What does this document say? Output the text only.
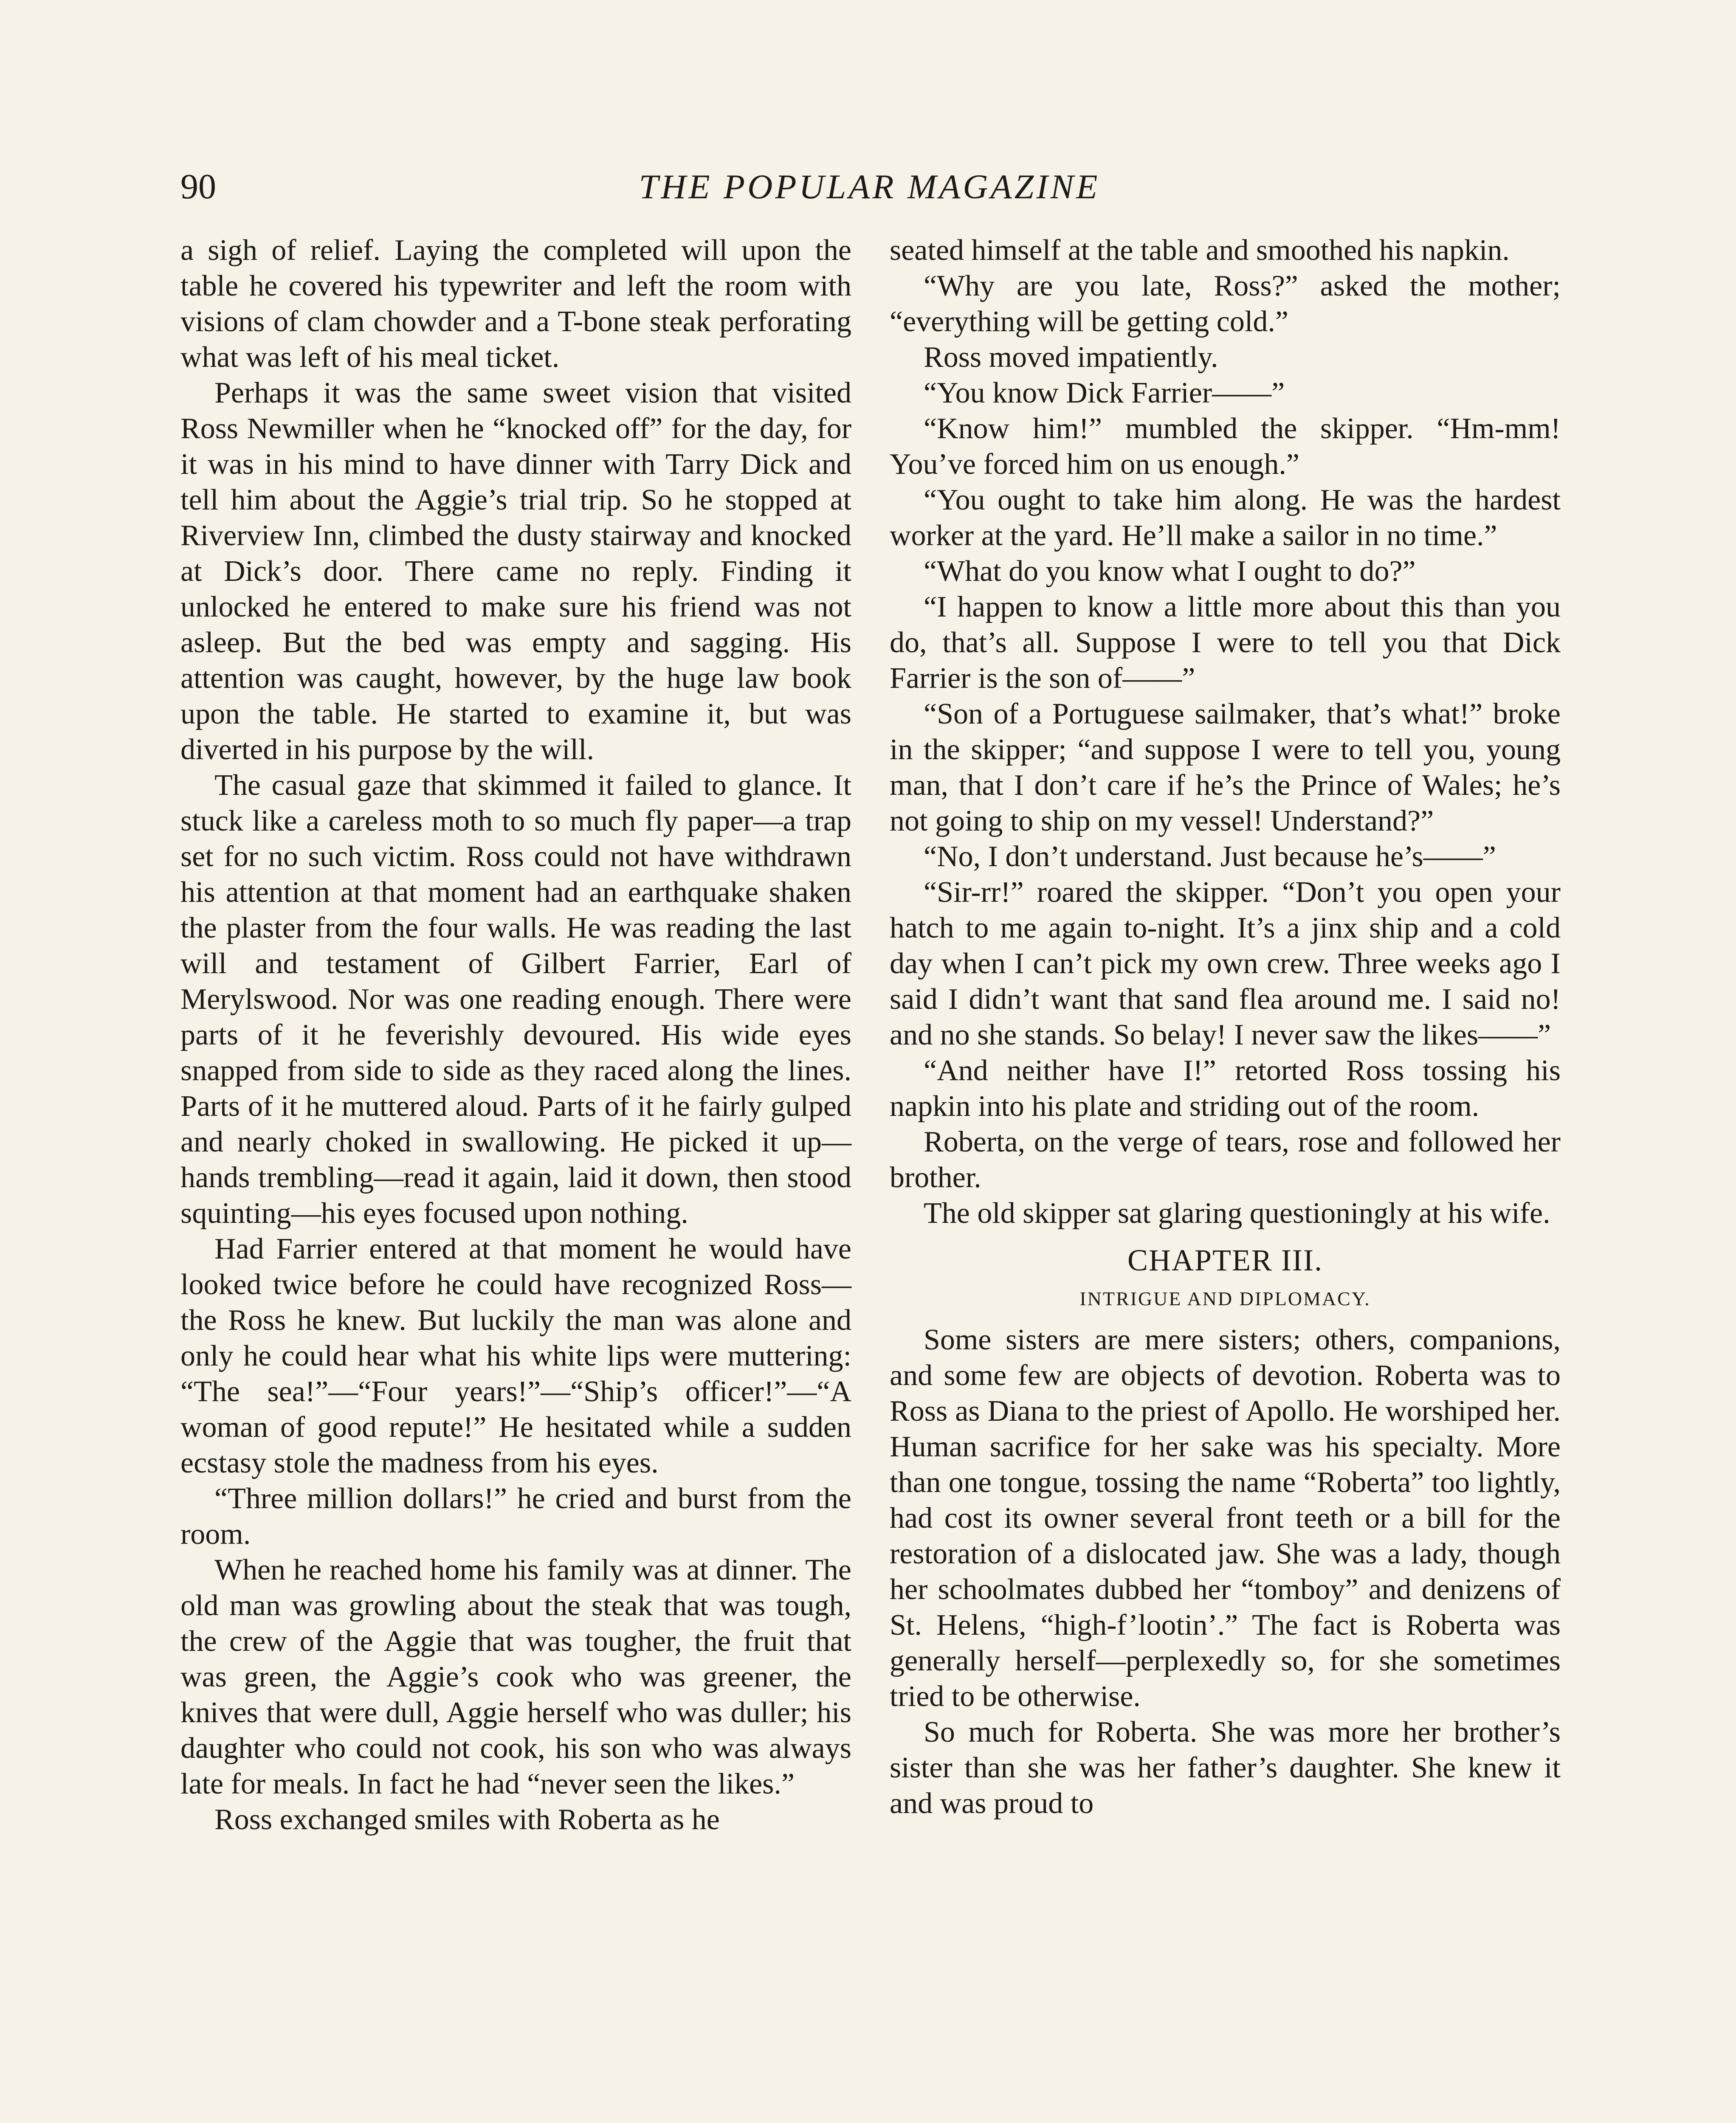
90	THE POPULAR MAGAZINE

a sigh of relief. Laying the completed will upon the table he covered his typewriter and left the room with visions of clam chowder and a T-bone steak perforating what was left of his meal ticket.

Perhaps it was the same sweet vision that visited Ross Newmiller when he “knocked off” for the day, for it was in his mind to have dinner with Tarry Dick and tell him about the Aggie’s trial trip. So he stopped at Riverview Inn, climbed the dusty stairway and knocked at Dick’s door. There came no reply. Finding it unlocked he entered to make sure his friend was not asleep. But the bed was empty and sagging. His attention was caught, however, by the huge law book upon the table. He started to examine it, but was diverted in his purpose by the will.

The casual gaze that skimmed it failed to glance. It stuck like a careless moth to so much fly paper—a trap set for no such victim. Ross could not have withdrawn his attention at that moment had an earthquake shaken the plaster from the four walls. He was reading the last will and testament of Gilbert Farrier, Earl of Merylswood. Nor was one reading enough. There were parts of it he feverishly devoured. His wide eyes snapped from side to side as they raced along the lines. Parts of it he muttered aloud. Parts of it he fairly gulped and nearly choked in swallowing. He picked it up—hands trembling—read it again, laid it down, then stood squinting—his eyes focused upon nothing.

Had Farrier entered at that moment he would have looked twice before he could have recognized Ross—the Ross he knew. But luckily the man was alone and only he could hear what his white lips were muttering: “The sea!”—“Four years!”—“Ship’s officer!”—“A woman of good repute!” He hesitated while a sudden ecstasy stole the madness from his eyes.

“Three million dollars!” he cried and burst from the room.

When he reached home his family was at dinner. The old man was growling about the steak that was tough, the crew of the Aggie that was tougher, the fruit that was green, the Aggie’s cook who was greener, the knives that were dull, Aggie herself who was duller; his daughter who could not cook, his son who was always late for meals. In fact he had “never seen the likes.”

Ross exchanged smiles with Roberta as he

seated himself at the table and smoothed his napkin.

“Why are you late, Ross?” asked the mother; “everything will be getting cold.”

Ross moved impatiently.

“You know Dick Farrier——”

“Know him!” mumbled the skipper. “Hm-mm! You’ve forced him on us enough.”

“You ought to take him along. He was the hardest worker at the yard. He’ll make a sailor in no time.”

“What do you know what I ought to do?”

“I happen to know a little more about this than you do, that’s all. Suppose I were to tell you that Dick Farrier is the son of——”

“Son of a Portuguese sailmaker, that’s what!” broke in the skipper; “and suppose I were to tell you, young man, that I don’t care if he’s the Prince of Wales; he’s not going to ship on my vessel! Understand?”

“No, I don’t understand. Just because he’s——”

“Sir-rr!” roared the skipper. “Don’t you open your hatch to me again to-night. It’s a jinx ship and a cold day when I can’t pick my own crew. Three weeks ago I said I didn’t want that sand flea around me. I said no! and no she stands. So belay! I never saw the likes——”

“And neither have I!” retorted Ross tossing his napkin into his plate and striding out of the room.

Roberta, on the verge of tears, rose and followed her brother.

The old skipper sat glaring questioningly at his wife.

CHAPTER III.
INTRIGUE AND DIPLOMACY.

Some sisters are mere sisters; others, companions, and some few are objects of devotion. Roberta was to Ross as Diana to the priest of Apollo. He worshiped her. Human sacrifice for her sake was his specialty. More than one tongue, tossing the name “Roberta” too lightly, had cost its owner several front teeth or a bill for the restoration of a dislocated jaw. She was a lady, though her schoolmates dubbed her “tomboy” and denizens of St. Helens, “high-f’lootin’.” The fact is Roberta was generally herself—perplexedly so, for she sometimes tried to be otherwise.

So much for Roberta. She was more her brother’s sister than she was her father’s daughter. She knew it and was proud to
